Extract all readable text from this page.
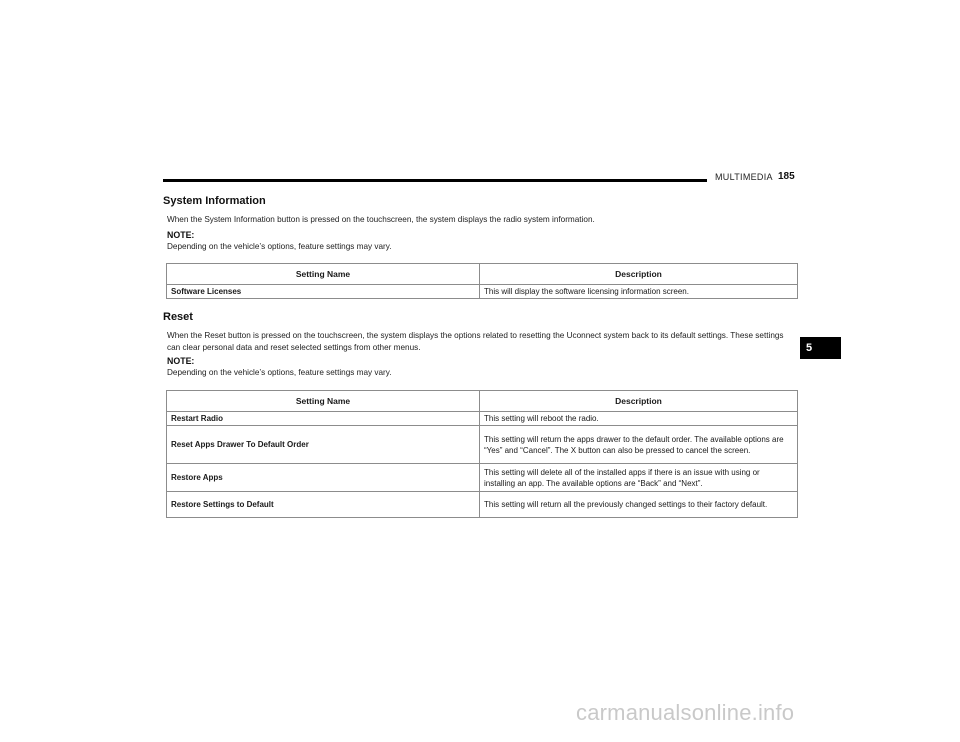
MULTIMEDIA 185
System Information
When the System Information button is pressed on the touchscreen, the system displays the radio system information.
NOTE:
Depending on the vehicle’s options, feature settings may vary.
Setting Name	Description
Software Licenses	This will display the software licensing information screen.
Reset
When the Reset button is pressed on the touchscreen, the system displays the options related to resetting the Uconnect system back to its default settings. These settings can clear personal data and reset selected settings from other menus.
NOTE:
Depending on the vehicle’s options, feature settings may vary.
Setting Name	Description
Restart Radio	This setting will reboot the radio.
Reset Apps Drawer To Default Order	This setting will return the apps drawer to the default order. The available options are “Yes” and “Cancel”. The X button can also be pressed to cancel the screen.
Restore Apps	This setting will delete all of the installed apps if there is an issue with using or installing an app. The available options are “Back” and “Next”.
Restore Settings to Default	This setting will return all the previously changed settings to their factory default.
5
carmanualsonline.info
